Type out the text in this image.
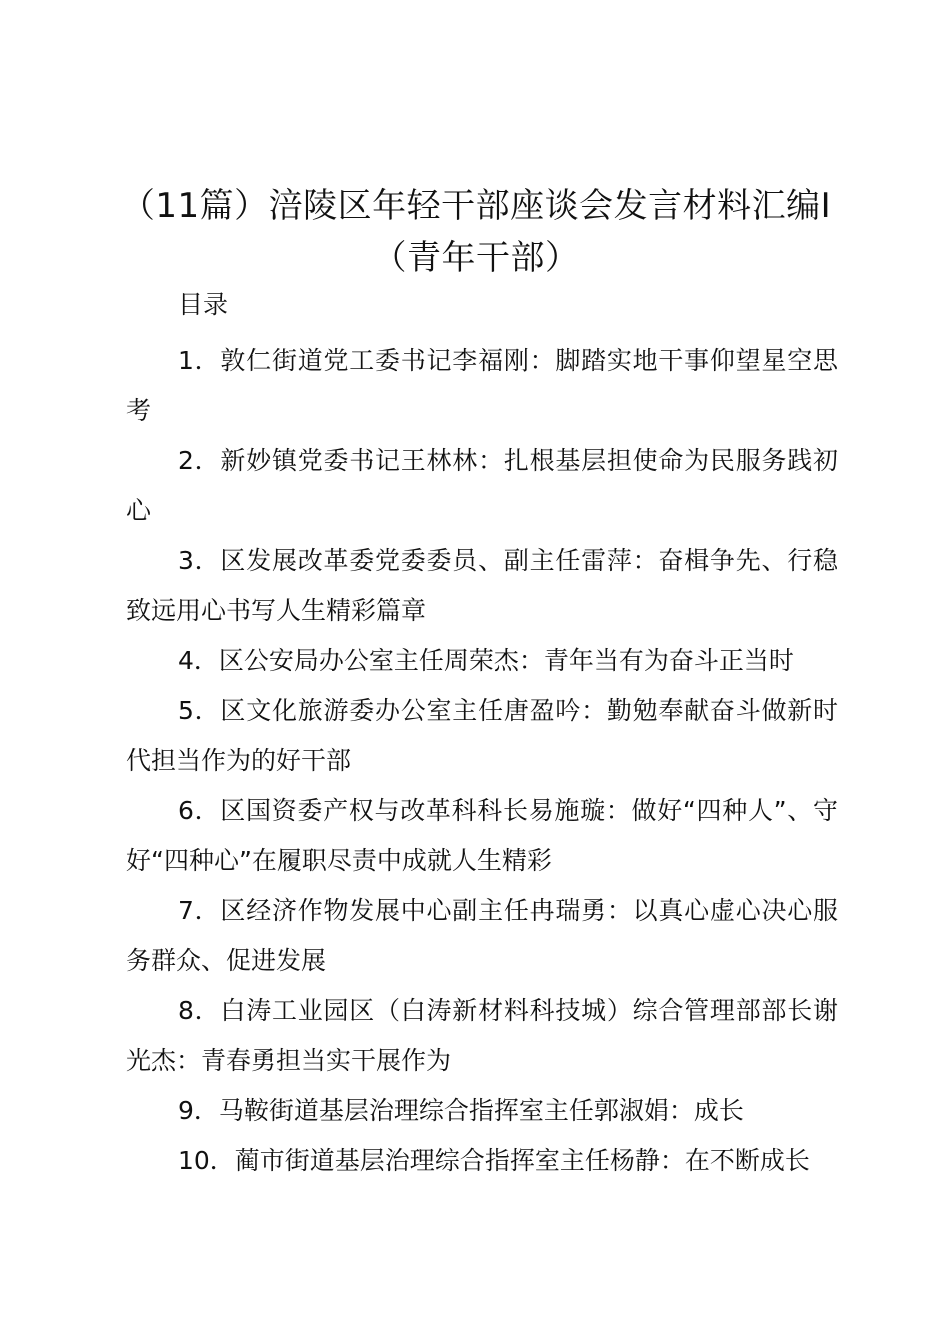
（11篇）涪陵区年轻干部座谈会发言材料汇编I（青年干部）
目录
1．敦仁街道党工委书记李福刚：脚踏实地干事仰望星空思考
2．新妙镇党委书记王林林：扎根基层担使命为民服务践初心
3．区发展改革委党委委员、副主任雷萍：奋楫争先、行稳致远用心书写人生精彩篇章
4．区公安局办公室主任周荣杰：青年当有为奋斗正当时
5．区文化旅游委办公室主任唐盈吟：勤勉奉献奋斗做新时代担当作为的好干部
6．区国资委产权与改革科科长易施璇：做好“四种人”、守好“四种心”在履职尽责中成就人生精彩
7．区经济作物发展中心副主任冉瑞勇：以真心虚心决心服务群众、促进发展
8．白涛工业园区（白涛新材料科技城）综合管理部部长谢光杰：青春勇担当实干展作为
9．马鞍街道基层治理综合指挥室主任郭淑娟：成长
10．蔺市街道基层治理综合指挥室主任杨静：在不断成长
